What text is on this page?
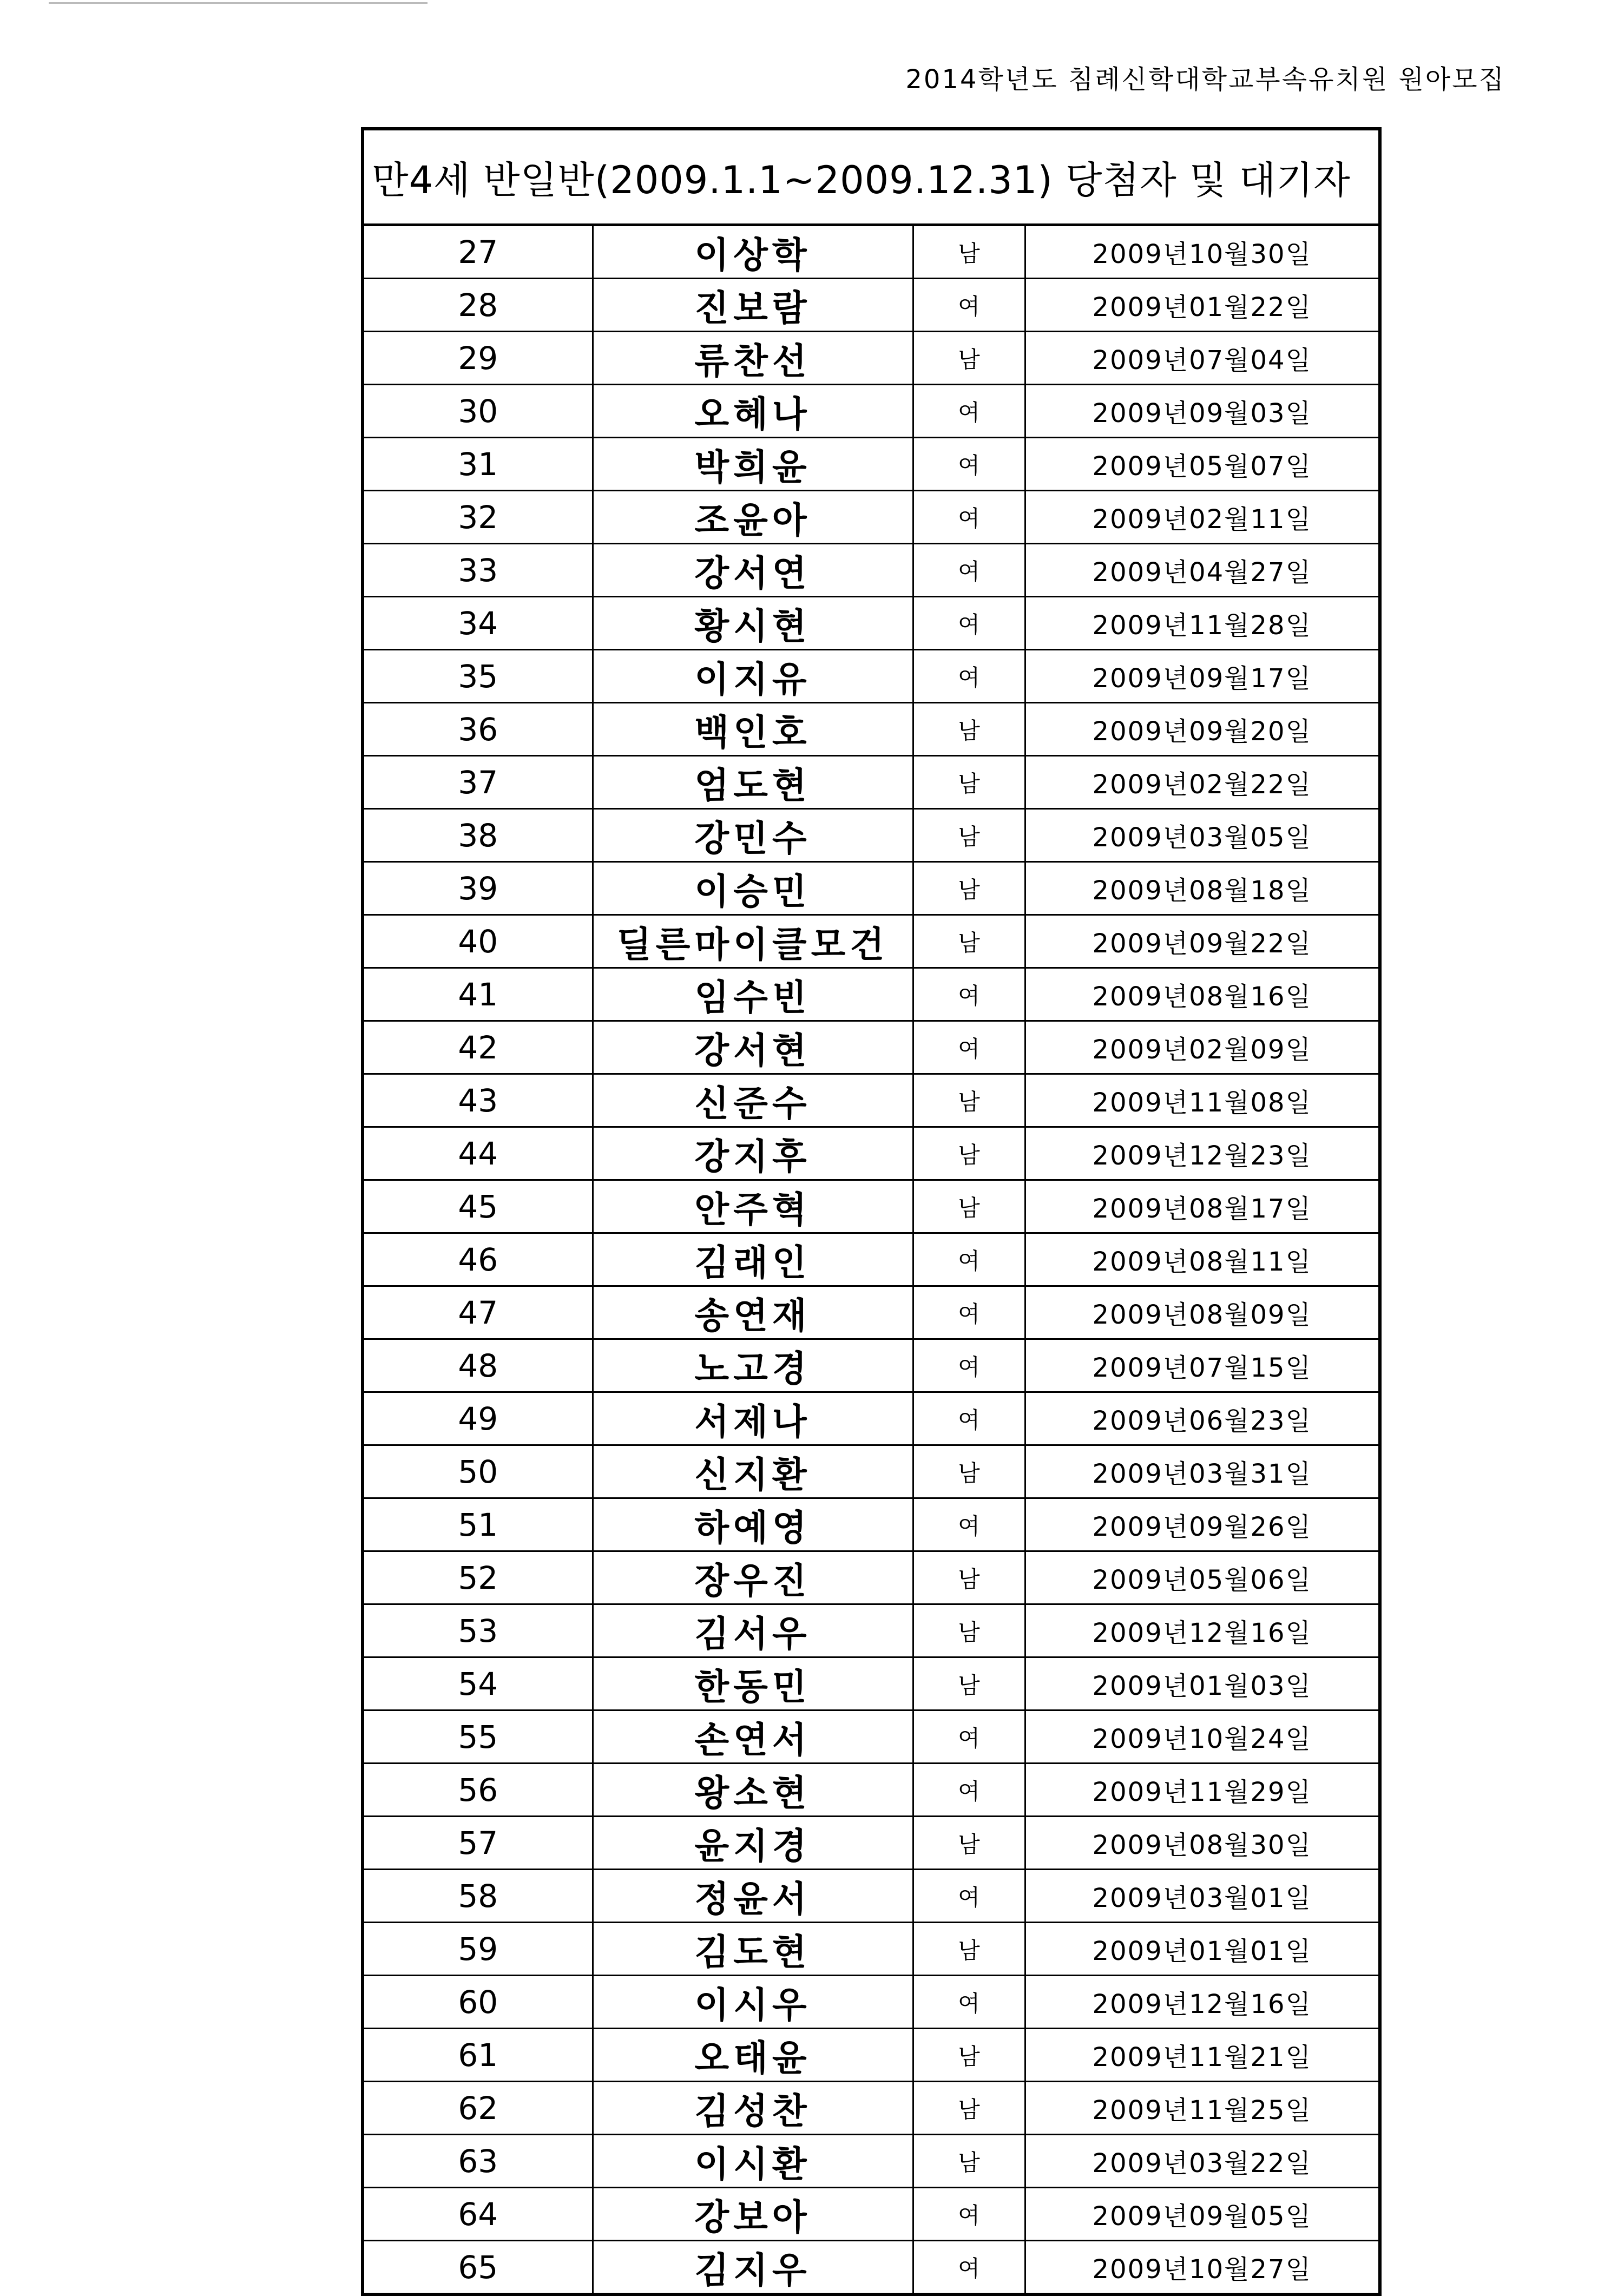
2014학년도 침례신학대학교부속유치원 원아모집
만4세 반일반(2009.1.1~2009.12.31) 당첨자 및 대기자			
27	이상학	남	2009년10월30일
28	진보람	여	2009년01월22일
29	류찬선	남	2009년07월04일
30	오혜나	여	2009년09월03일
31	박희윤	여	2009년05월07일
32	조윤아	여	2009년02월11일
33	강서연	여	2009년04월27일
34	황시현	여	2009년11월28일
35	이지유	여	2009년09월17일
36	백인호	남	2009년09월20일
37	엄도현	남	2009년02월22일
38	강민수	남	2009년03월05일
39	이승민	남	2009년08월18일
40	딜른마이클모건	남	2009년09월22일
41	임수빈	여	2009년08월16일
42	강서현	여	2009년02월09일
43	신준수	남	2009년11월08일
44	강지후	남	2009년12월23일
45	안주혁	남	2009년08월17일
46	김래인	여	2009년08월11일
47	송연재	여	2009년08월09일
48	노고경	여	2009년07월15일
49	서제나	여	2009년06월23일
50	신지환	남	2009년03월31일
51	하예영	여	2009년09월26일
52	장우진	남	2009년05월06일
53	김서우	남	2009년12월16일
54	한동민	남	2009년01월03일
55	손연서	여	2009년10월24일
56	왕소현	여	2009년11월29일
57	윤지경	남	2009년08월30일
58	정윤서	여	2009년03월01일
59	김도현	남	2009년01월01일
60	이시우	여	2009년12월16일
61	오태윤	남	2009년11월21일
62	김성찬	남	2009년11월25일
63	이시환	남	2009년03월22일
64	강보아	여	2009년09월05일
65	김지우	여	2009년10월27일
